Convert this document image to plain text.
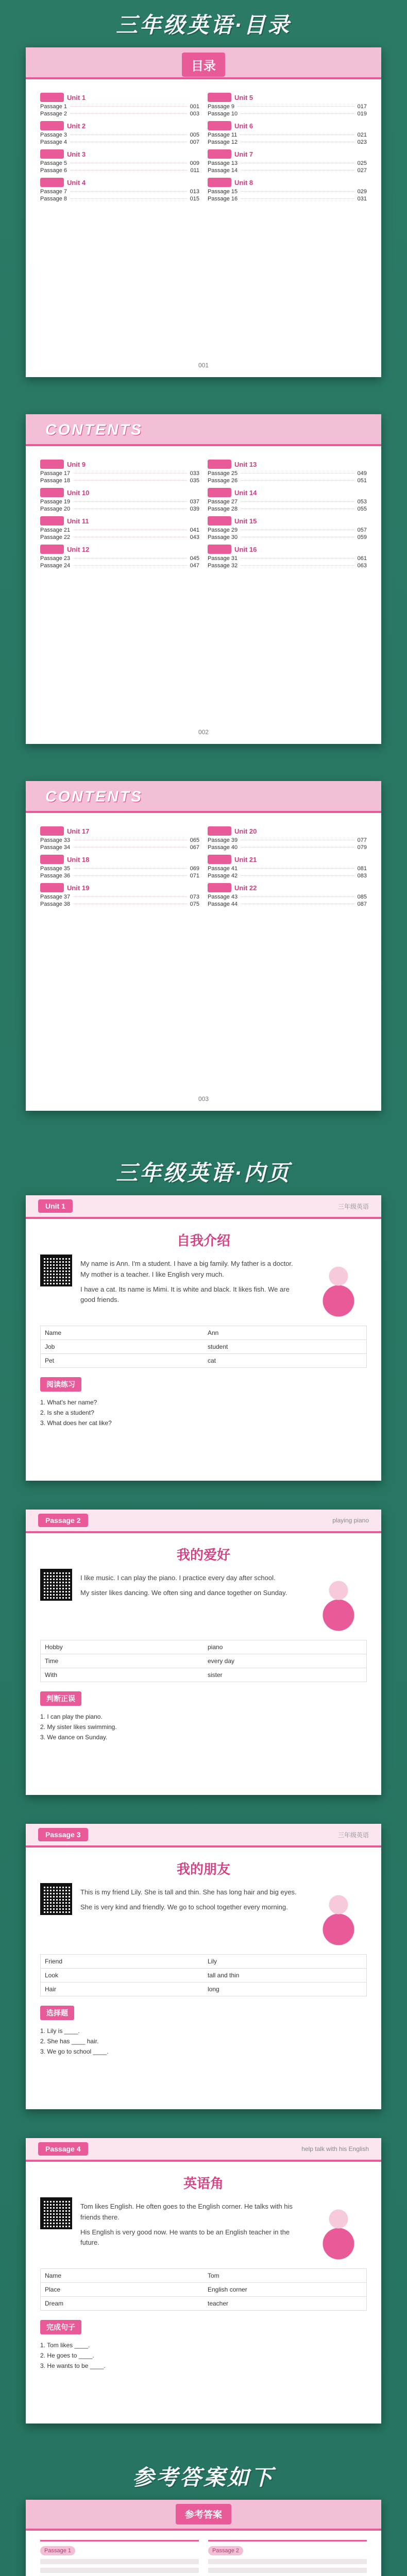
三年级英语·目录
目录
Unit 1
Passage 1	001
Passage 2	003
Unit 2
Passage 3	005
Passage 4	007
Unit 3
Passage 5	009
Passage 6	011
Unit 4
Passage 7	013
Passage 8	015
Unit 5
Passage 9	017
Passage 10	019
Unit 6
Passage 11	021
Passage 12	023
Unit 7
Passage 13	025
Passage 14	027
Unit 8
Passage 15	029
Passage 16	031
001
CONTENTS
Unit 9
Passage 17	033
Passage 18	035
Unit 10
Passage 19	037
Passage 20	039
Unit 11
Passage 21	041
Passage 22	043
Unit 12
Passage 23	045
Passage 24	047
Unit 13
Passage 25	049
Passage 26	051
Unit 14
Passage 27	053
Passage 28	055
Unit 15
Passage 29	057
Passage 30	059
Unit 16
Passage 31	061
Passage 32	063
002
CONTENTS
Unit 17
Passage 33	065
Passage 34	067
Unit 18
Passage 35	069
Passage 36	071
Unit 19
Passage 37	073
Passage 38	075
Unit 20
Passage 39	077
Passage 40	079
Unit 21
Passage 41	081
Passage 42	083
Unit 22
Passage 43	085
Passage 44	087
003
三年级英语·内页
Unit 1	三年级英语
自我介绍
My name is Ann. I'm a student. I have a big family. My father is a doctor. My mother is a teacher. I like English very much.
I have a cat. Its name is Mimi. It is white and black. It likes fish. We are good friends.
Name	Ann
Job	student
Pet	cat
阅读练习
1. What's her name?
2. Is she a student?
3. What does her cat like?
Passage 2	playing piano
我的爱好
I like music. I can play the piano. I practice every day after school.
My sister likes dancing. We often sing and dance together on Sunday.
Hobby	piano
Time	every day
With	sister
判断正误
1. I can play the piano.
2. My sister likes swimming.
3. We dance on Sunday.
Passage 3	三年级英语
我的朋友
This is my friend Lily. She is tall and thin. She has long hair and big eyes.
She is very kind and friendly. We go to school together every morning.
Friend	Lily
Look	tall and thin
Hair	long
选择题
1. Lily is ____.
2. She has ____ hair.
3. We go to school ____.
Passage 4	help talk with his English
英语角
Tom likes English. He often goes to the English corner. He talks with his friends there.
His English is very good now. He wants to be an English teacher in the future.
Name	Tom
Place	English corner
Dream	teacher
完成句子
1. Tom likes ____.
2. He goes to ____.
3. He wants to be ____.
参考答案如下
参考答案
Passage 1	Passage 2
